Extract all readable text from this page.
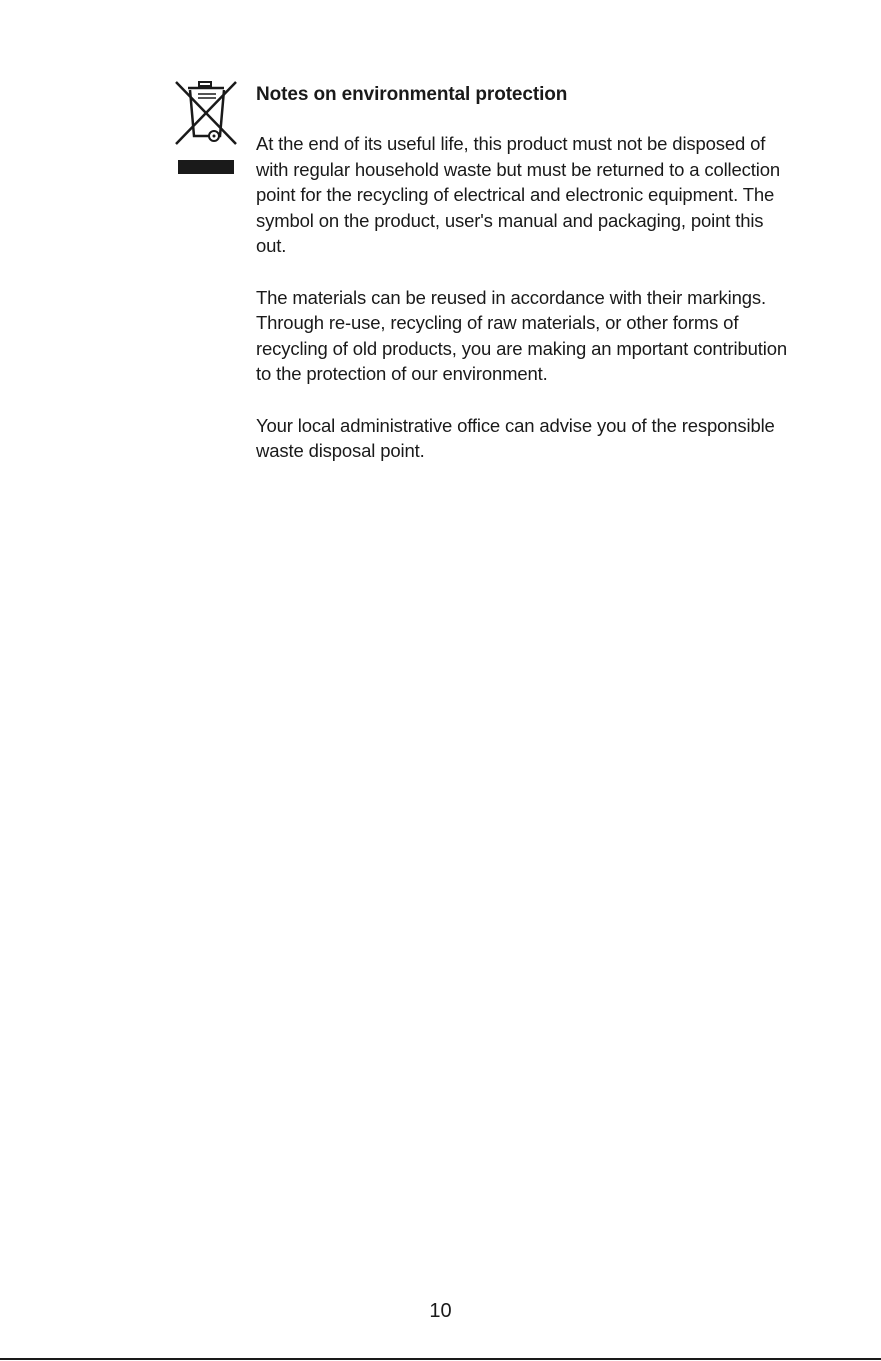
Notes on environmental protection

At the end of its useful life, this product must not be disposed of
with regular household waste but must be returned to a collection
point for the recycling of electrical and electronic equipment. The
symbol on the product, user's manual and packaging, point this
out.

The materials can be reused in accordance with their markings.
Through re-use, recycling of raw materials, or other forms of
recycling of old products, you are making an mportant contribution
to the protection of our environment.

Your local administrative office can advise you of the responsible
waste disposal point.

10
